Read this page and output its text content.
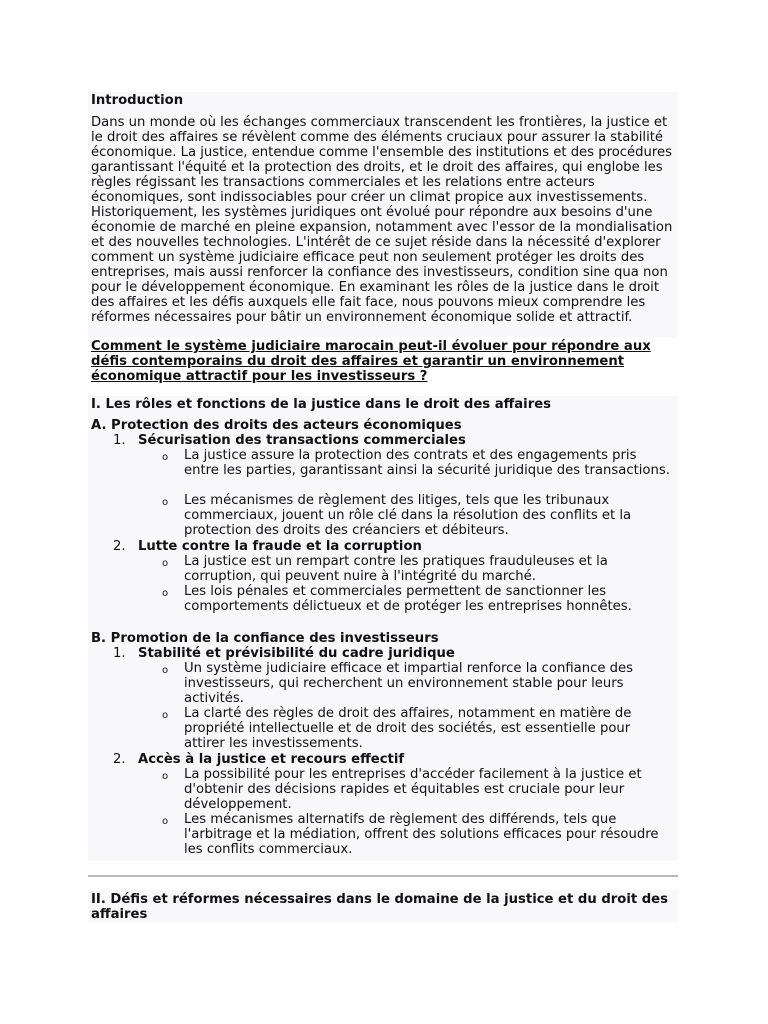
Introduction

Dans un monde où les échanges commerciaux transcendent les frontières, la justice et le droit des affaires se révèlent comme des éléments cruciaux pour assurer la stabilité économique. La justice, entendue comme l'ensemble des institutions et des procédures garantissant l'équité et la protection des droits, et le droit des affaires, qui englobe les règles régissant les transactions commerciales et les relations entre acteurs économiques, sont indissociables pour créer un climat propice aux investissements. Historiquement, les systèmes juridiques ont évolué pour répondre aux besoins d'une économie de marché en pleine expansion, notamment avec l'essor de la mondialisation et des nouvelles technologies. L'intérêt de ce sujet réside dans la nécessité d'explorer comment un système judiciaire efficace peut non seulement protéger les droits des entreprises, mais aussi renforcer la confiance des investisseurs, condition sine qua non pour le développement économique. En examinant les rôles de la justice dans le droit des affaires et les défis auxquels elle fait face, nous pouvons mieux comprendre les réformes nécessaires pour bâtir un environnement économique solide et attractif.

Comment le système judiciaire marocain peut-il évoluer pour répondre aux défis contemporains du droit des affaires et garantir un environnement économique attractif pour les investisseurs ?

I. Les rôles et fonctions de la justice dans le droit des affaires

A. Protection des droits des acteurs économiques

1. Sécurisation des transactions commerciales
o La justice assure la protection des contrats et des engagements pris entre les parties, garantissant ainsi la sécurité juridique des transactions.

o Les mécanismes de règlement des litiges, tels que les tribunaux commerciaux, jouent un rôle clé dans la résolution des conflits et la protection des droits des créanciers et débiteurs.

2. Lutte contre la fraude et la corruption
o La justice est un rempart contre les pratiques frauduleuses et la corruption, qui peuvent nuire à l'intégrité du marché.

o Les lois pénales et commerciales permettent de sanctionner les comportements délictueux et de protéger les entreprises honnêtes.

B. Promotion de la confiance des investisseurs

1. Stabilité et prévisibilité du cadre juridique
o Un système judiciaire efficace et impartial renforce la confiance des investisseurs, qui recherchent un environnement stable pour leurs activités.

o La clarté des règles de droit des affaires, notamment en matière de propriété intellectuelle et de droit des sociétés, est essentielle pour attirer les investissements.

2. Accès à la justice et recours effectif
o La possibilité pour les entreprises d'accéder facilement à la justice et d'obtenir des décisions rapides et équitables est cruciale pour leur développement.

o Les mécanismes alternatifs de règlement des différends, tels que l'arbitrage et la médiation, offrent des solutions efficaces pour résoudre les conflits commerciaux.

II. Défis et réformes nécessaires dans le domaine de la justice et du droit des affaires
